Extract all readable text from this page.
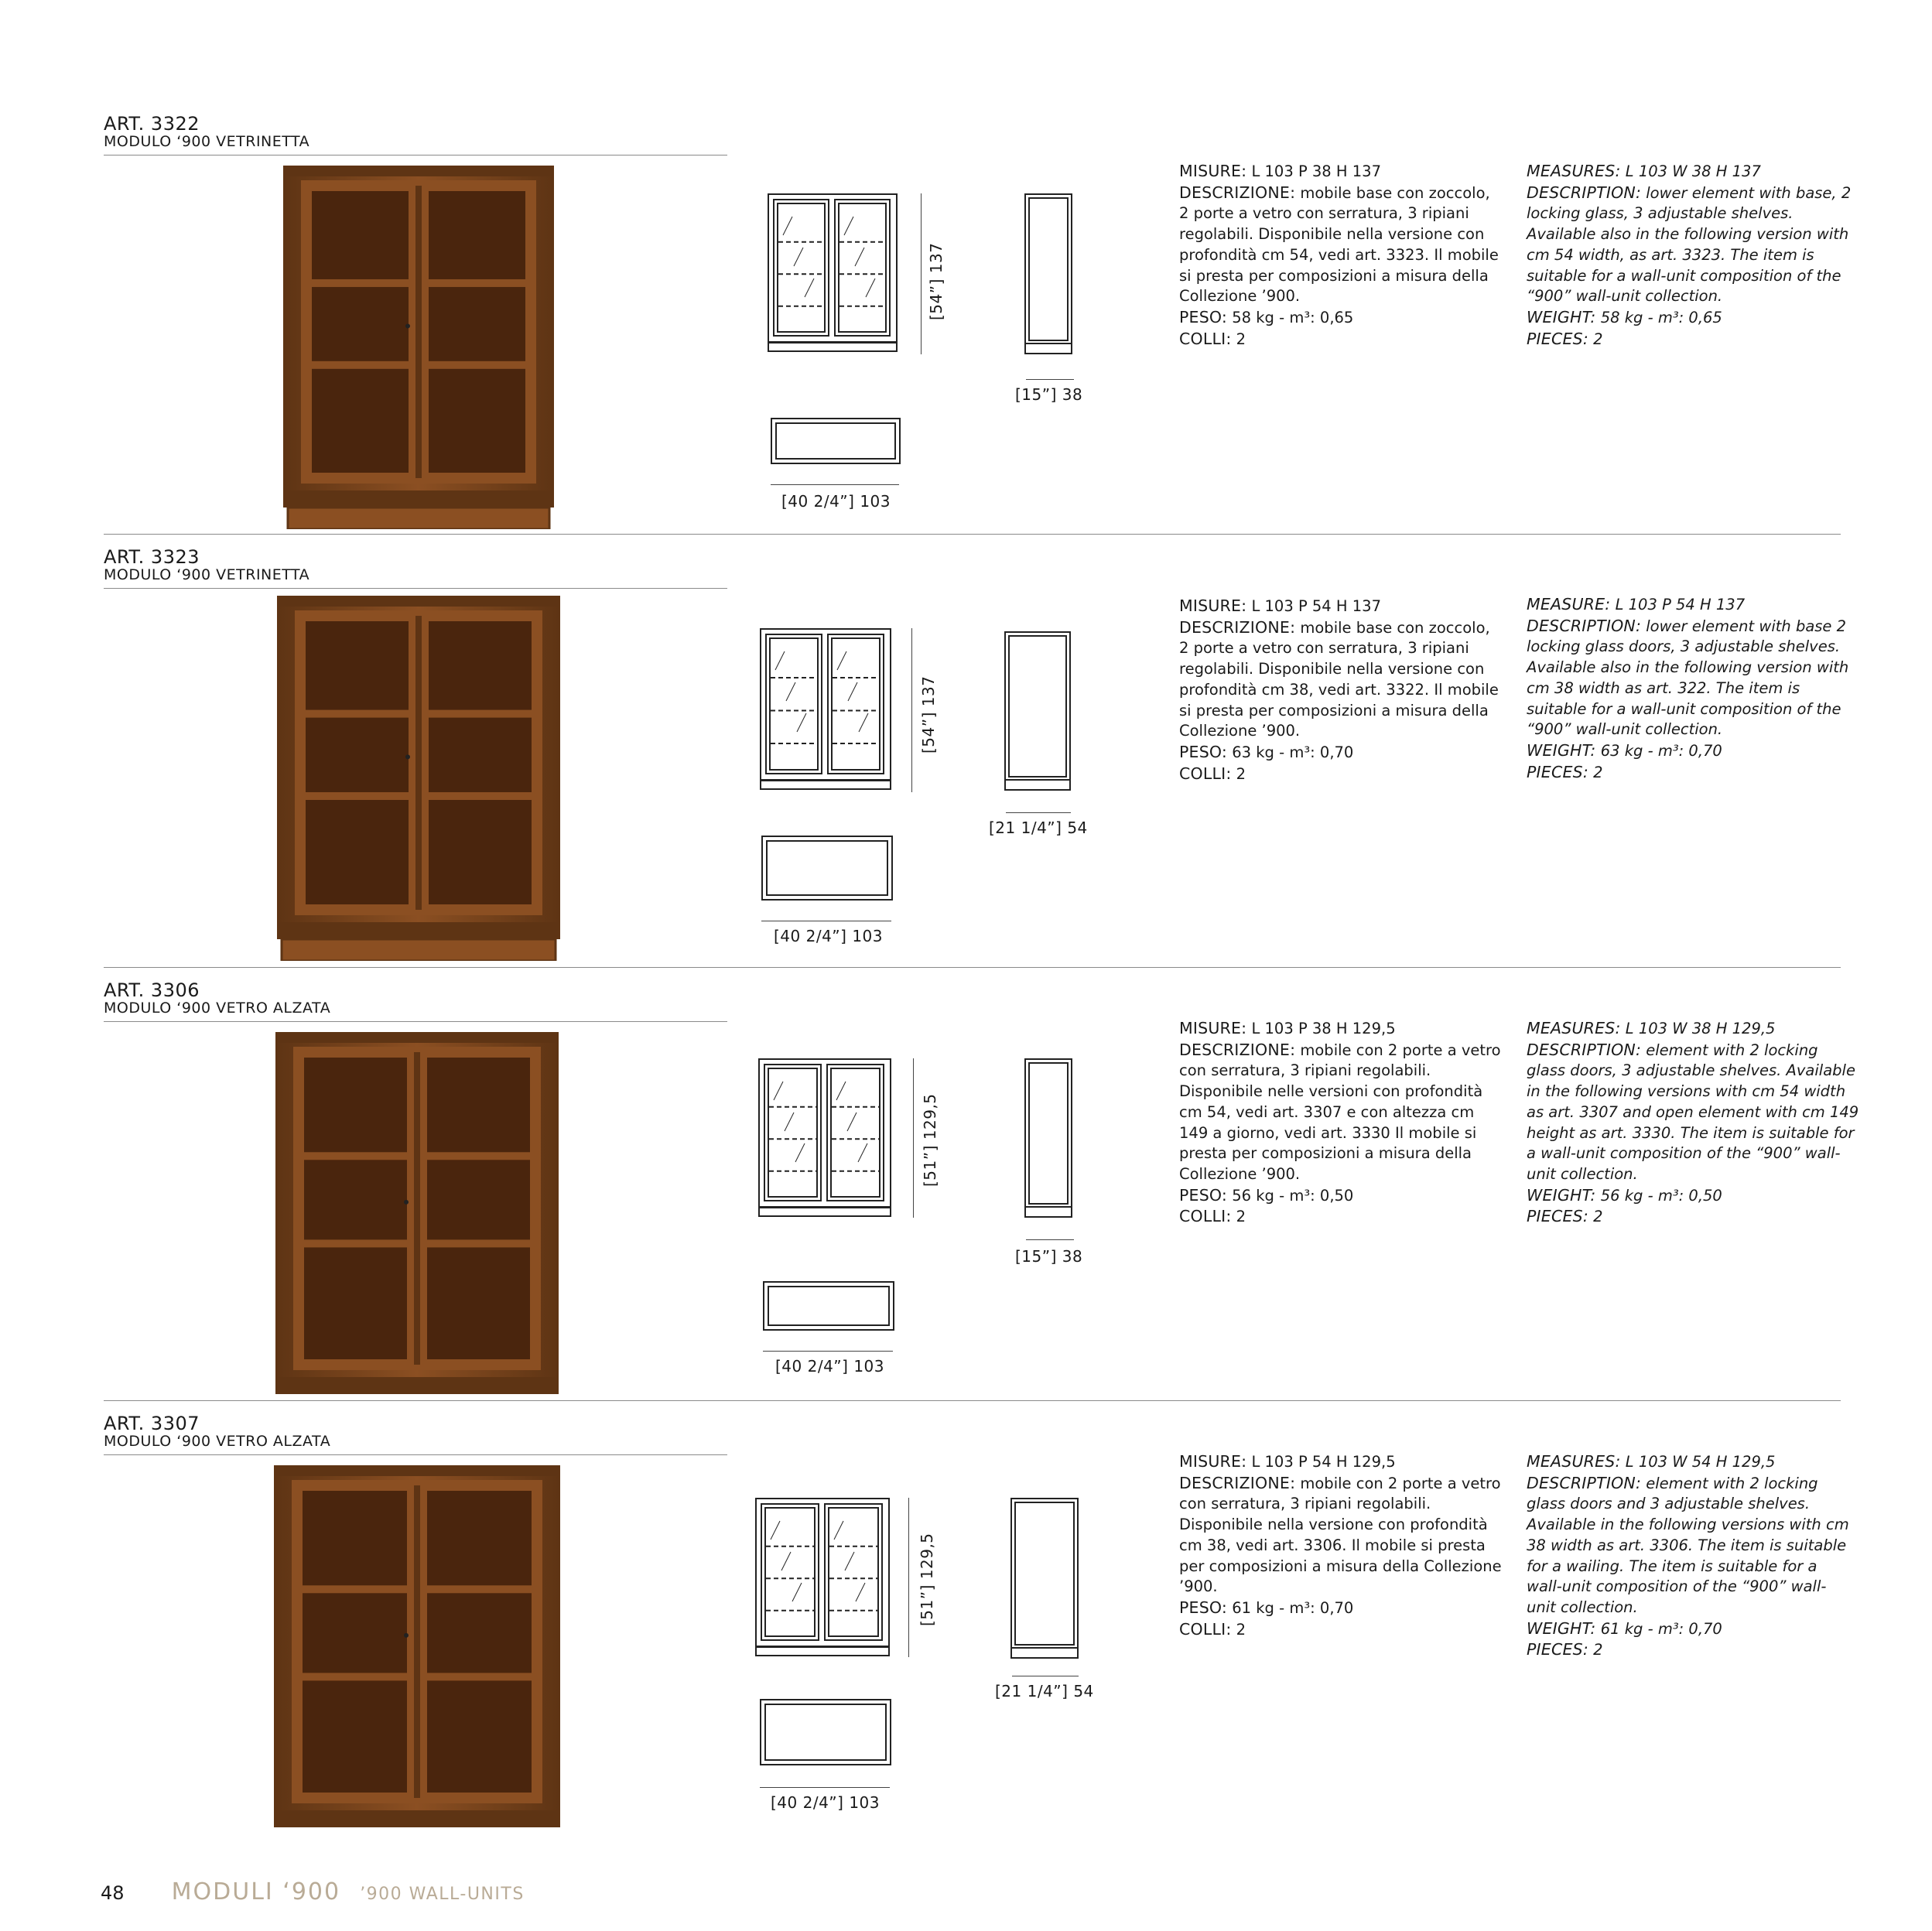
ART. 3322
MODULO ‘900 VETRINETTA
[54”] 137
[15”] 38
[40 2/4”] 103

MISURE: L 103 P 38 H 137

DESCRIZIONE: mobile base con zoccolo, 2 porte a vetro con serratura, 3 ripiani regolabili. Disponibile nella versione con profondità cm 54, vedi art. 3323. Il mobile si presta per composizioni a misura della Collezione ’900.

PESO: 58 kg - m³: 0,65

COLLI: 2

MEASURES: L 103 W 38 H 137

DESCRIPTION: lower element with base, 2 locking glass, 3 adjustable shelves. Available also in the following version with cm 54 width, as art. 3323. The item is suitable for a wall-unit composition of the “900” wall-unit collection.

WEIGHT: 58 kg - m³: 0,65

PIECES: 2

ART. 3323
MODULO ‘900 VETRINETTA
[54”] 137
[21 1/4”] 54
[40 2/4”] 103

MISURE: L 103 P 54 H 137

DESCRIZIONE: mobile base con zoccolo, 2 porte a vetro con serratura, 3 ripiani regolabili. Disponibile nella versione con profondità cm 38, vedi art. 3322. Il mobile si presta per composizioni a misura della Collezione ’900.

PESO: 63 kg - m³: 0,70

COLLI: 2

MEASURE: L 103 P 54 H 137

DESCRIPTION: lower element with base 2 locking glass doors, 3 adjustable shelves. Available also in the following version with cm 38 width as art. 322. The item is suitable for a wall-unit composition of the “900” wall-unit collection.

WEIGHT: 63 kg - m³: 0,70

PIECES: 2

ART. 3306
MODULO ‘900 VETRO ALZATA
[51”] 129,5
[15”] 38
[40 2/4”] 103

MISURE: L 103 P 38 H 129,5

DESCRIZIONE: mobile con 2 porte a vetro con serratura, 3 ripiani regolabili. Disponibile nelle versioni con profondità cm 54, vedi art. 3307 e con altezza cm 149 a giorno, vedi art. 3330 Il mobile si presta per composizioni a misura della Collezione ’900.

PESO: 56 kg - m³: 0,50

COLLI: 2

MEASURES: L 103 W 38 H 129,5

DESCRIPTION: element with 2 locking glass doors, 3 adjustable shelves. Available in the following versions with cm 54 width as art. 3307 and open element with cm 149 height as art. 3330. The item is suitable for a wall-unit composition of the “900” wall-unit collection.

WEIGHT: 56 kg - m³: 0,50

PIECES: 2

ART. 3307
MODULO ‘900 VETRO ALZATA
[51”] 129,5
[21 1/4”] 54
[40 2/4”] 103

MISURE: L 103 P 54 H 129,5

DESCRIZIONE: mobile con 2 porte a vetro con serratura, 3 ripiani regolabili. Disponibile nella versione con profondità cm 38, vedi art. 3306. Il mobile si presta per composizioni a misura della Collezione ’900.

PESO: 61 kg - m³: 0,70

COLLI: 2

MEASURES: L 103 W 54 H 129,5

DESCRIPTION: element with 2 locking glass doors and 3 adjustable shelves. Available in the following versions with cm 38 width as art. 3306. The item is suitable for a wailing. The item is suitable for a wall-unit composition of the “900” wall-unit collection.

WEIGHT: 61 kg - m³: 0,70

PIECES: 2

48 MODULI ‘900 ’900 WALL-UNITS
